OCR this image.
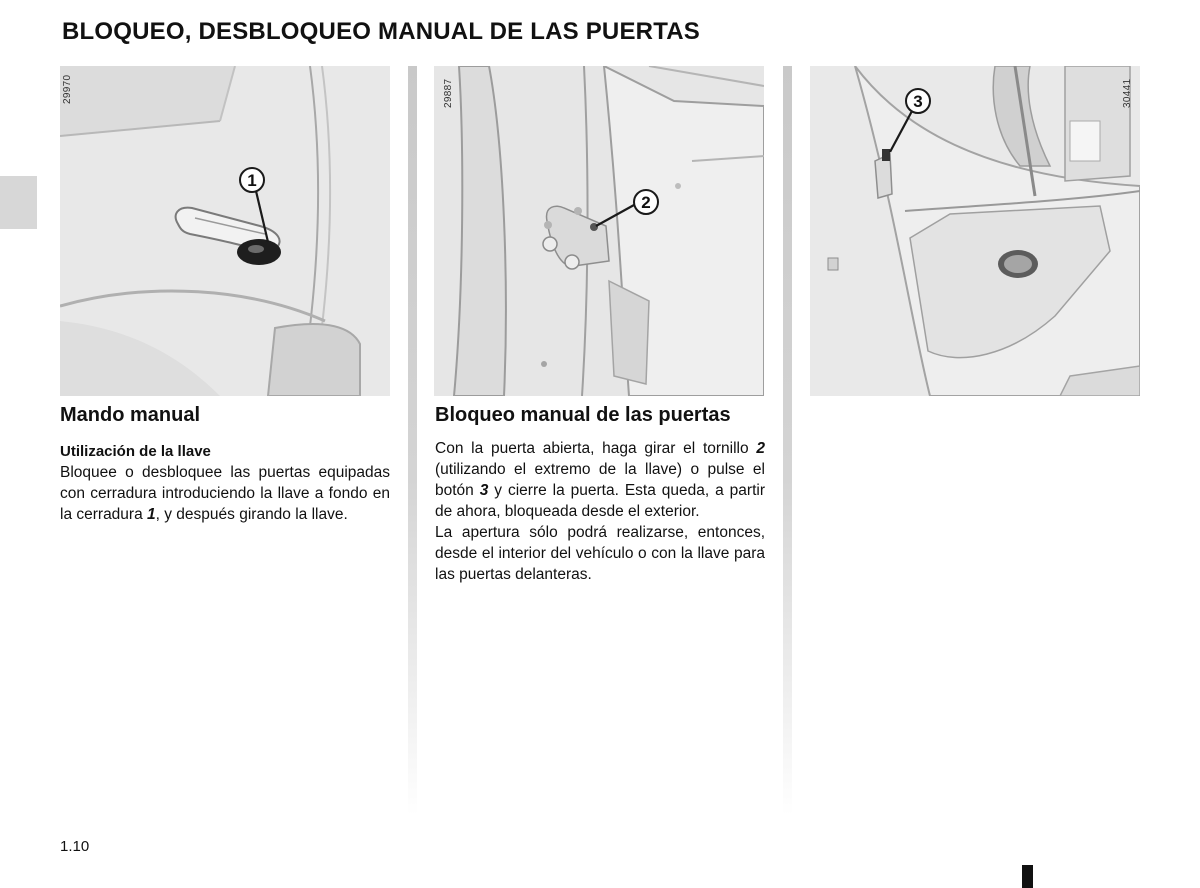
BLOQUEO, DESBLOQUEO MANUAL DE LAS PUERTAS
1
29970
2
29887	3	30441
Mando manual
Utilización de la llave

Bloquee o desbloquee las puertas equipadas con cerradura introduciendo la llave a fondo en la cerradura 1, y después girando la llave.

Bloqueo manual de las puertas

Con la puerta abierta, haga girar el tornillo 2 (utilizando el extremo de la llave) o pulse el botón 3 y cierre la puerta. Esta queda, a partir de ahora, bloqueada desde el exterior.

La apertura sólo podrá realizarse, entonces, desde el interior del vehículo o con la llave para las puertas delanteras.

1.10
